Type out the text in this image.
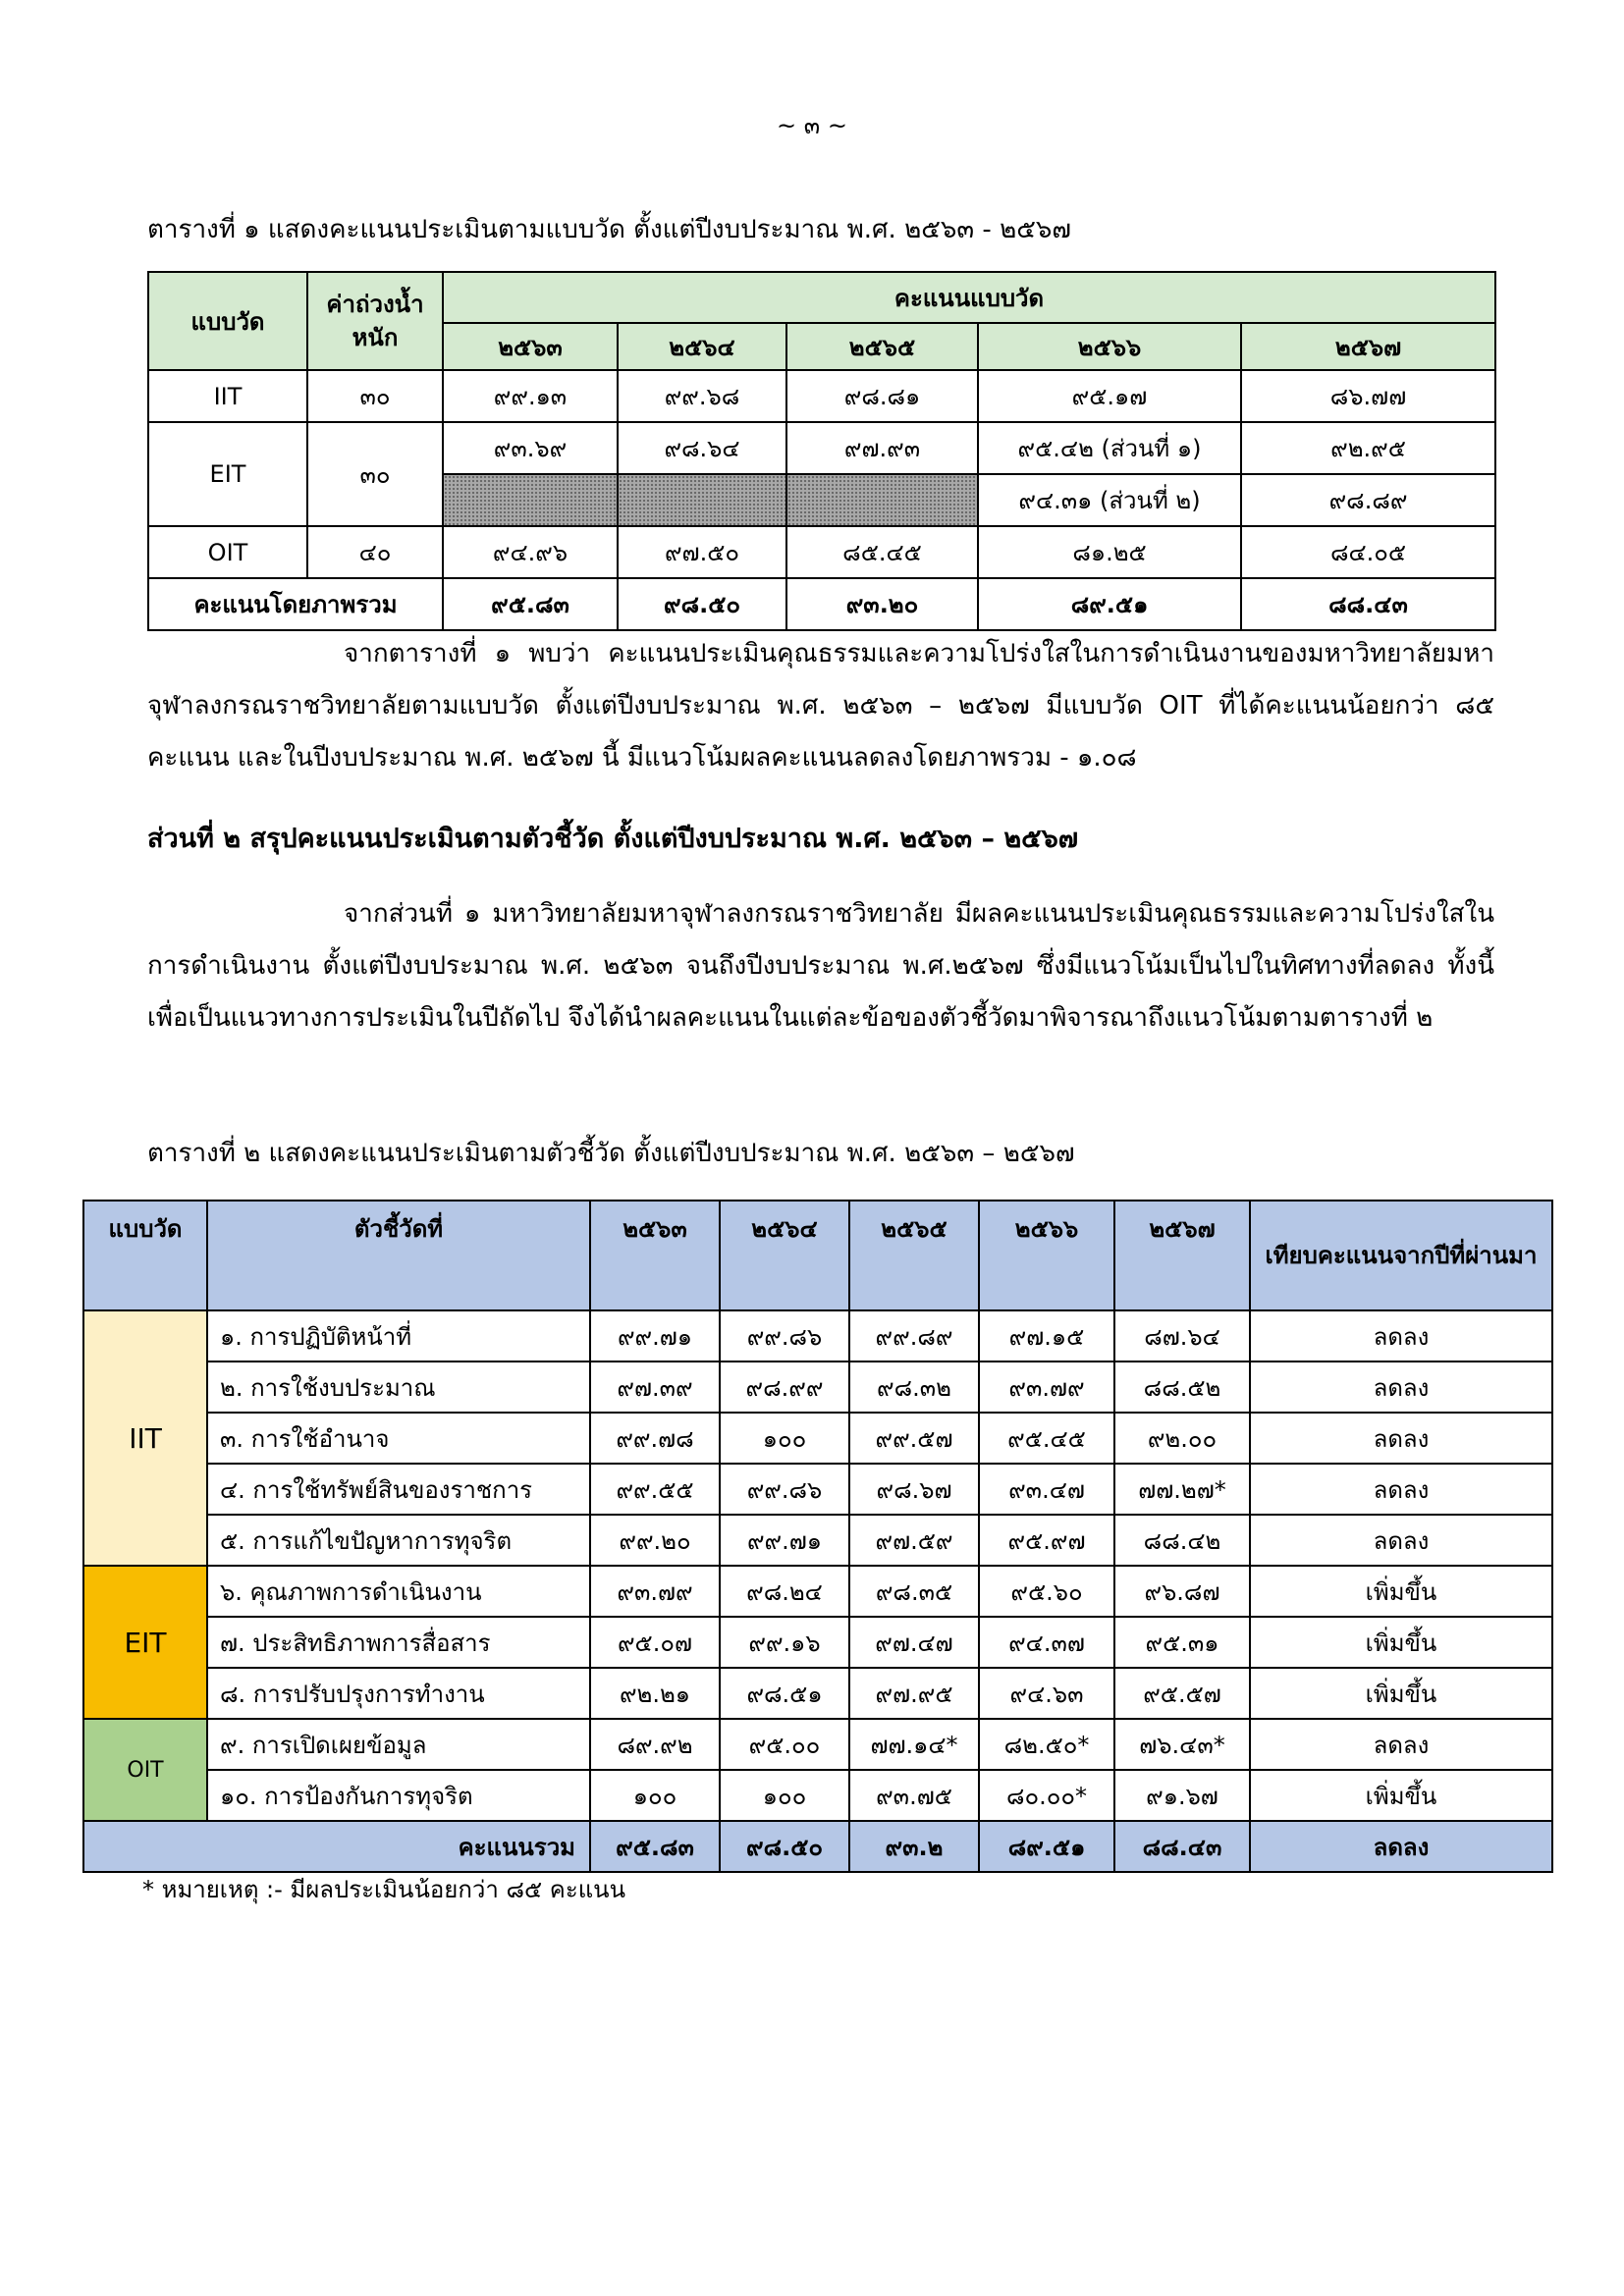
~ ๓ ~
ตารางที่ ๑ แสดงคะแนนประเมินตามแบบวัด ตั้งแต่ปีงบประมาณ พ.ศ. ๒๕๖๓ - ๒๕๖๗
แบบวัด	ค่าถ่วงน้ำหนัก	คะแนนแบบวัด				
		๒๕๖๓	๒๕๖๔	๒๕๖๕	๒๕๖๖	๒๕๖๗
IIT	๓๐	๙๙.๑๓	๙๙.๖๘	๙๘.๘๑	๙๕.๑๗	๘๖.๗๗
EIT	๓๐	๙๓.๖๙	๙๘.๖๔	๙๗.๙๓	๙๕.๔๒ (ส่วนที่ ๑)	๙๒.๙๕
					๙๔.๓๑ (ส่วนที่ ๒)	๙๘.๘๙
OIT	๔๐	๙๔.๙๖	๙๗.๕๐	๘๕.๔๕	๘๑.๒๕	๘๔.๐๕
คะแนนโดยภาพรวม		๙๕.๘๓	๙๘.๕๐	๙๓.๒๐	๘๙.๕๑	๘๘.๔๓
จากตารางที่ ๑ พบว่า คะแนนประเมินคุณธรรมและความโปร่งใสในการดำเนินงานของมหาวิทยาลัยมหาจุฬาลงกรณราชวิทยาลัยตามแบบวัด ตั้งแต่ปีงบประมาณ พ.ศ. ๒๕๖๓ – ๒๕๖๗ มีแบบวัด OIT ที่ได้คะแนนน้อยกว่า ๘๕ คะแนน และในปีงบประมาณ พ.ศ. ๒๕๖๗ นี้ มีแนวโน้มผลคะแนนลดลงโดยภาพรวม - ๑.๐๘
ส่วนที่ ๒ สรุปคะแนนประเมินตามตัวชี้วัด ตั้งแต่ปีงบประมาณ พ.ศ. ๒๕๖๓ – ๒๕๖๗
จากส่วนที่ ๑ มหาวิทยาลัยมหาจุฬาลงกรณราชวิทยาลัย มีผลคะแนนประเมินคุณธรรมและความโปร่งใสในการดำเนินงาน ตั้งแต่ปีงบประมาณ พ.ศ. ๒๕๖๓ จนถึงปีงบประมาณ พ.ศ.๒๕๖๗ ซึ่งมีแนวโน้มเป็นไปในทิศทางที่ลดลง ทั้งนี้ เพื่อเป็นแนวทางการประเมินในปีถัดไป จึงได้นำผลคะแนนในแต่ละข้อของตัวชี้วัดมาพิจารณาถึงแนวโน้มตามตารางที่ ๒
ตารางที่ ๒ แสดงคะแนนประเมินตามตัวชี้วัด ตั้งแต่ปีงบประมาณ พ.ศ. ๒๕๖๓ – ๒๕๖๗
แบบวัด	ตัวชี้วัดที่	๒๕๖๓	๒๕๖๔	๒๕๖๕	๒๕๖๖	๒๕๖๗	เทียบคะแนนจากปีที่ผ่านมา
IIT	๑. การปฏิบัติหน้าที่	๙๙.๗๑	๙๙.๘๖	๙๙.๘๙	๙๗.๑๕	๘๗.๖๔	ลดลง
	๒. การใช้งบประมาณ	๙๗.๓๙	๙๘.๙๙	๙๘.๓๒	๙๓.๗๙	๘๘.๕๒	ลดลง
	๓. การใช้อำนาจ	๙๙.๗๘	๑๐๐	๙๙.๕๗	๙๕.๔๕	๙๒.๐๐	ลดลง
	๔. การใช้ทรัพย์สินของราชการ	๙๙.๕๕	๙๙.๘๖	๙๘.๖๗	๙๓.๔๗	๗๗.๒๗*	ลดลง
	๕. การแก้ไขปัญหาการทุจริต	๙๙.๒๐	๙๙.๗๑	๙๗.๕๙	๙๕.๙๗	๘๘.๔๒	ลดลง
EIT	๖. คุณภาพการดำเนินงาน	๙๓.๗๙	๙๘.๒๔	๙๘.๓๕	๙๕.๖๐	๙๖.๘๗	เพิ่มขึ้น
	๗. ประสิทธิภาพการสื่อสาร	๙๕.๐๗	๙๙.๑๖	๙๗.๔๗	๙๔.๓๗	๙๕.๓๑	เพิ่มขึ้น
	๘. การปรับปรุงการทำงาน	๙๒.๒๑	๙๘.๕๑	๙๗.๙๕	๙๔.๖๓	๙๕.๕๗	เพิ่มขึ้น
OIT	๙. การเปิดเผยข้อมูล	๘๙.๙๒	๙๕.๐๐	๗๗.๑๔*	๘๒.๕๐*	๗๖.๔๓*	ลดลง
	๑๐. การป้องกันการทุจริต	๑๐๐	๑๐๐	๙๓.๗๕	๘๐.๐๐*	๙๑.๖๗	เพิ่มขึ้น
คะแนนรวม		๙๕.๘๓	๙๘.๕๐	๙๓.๒	๘๙.๕๑	๘๘.๔๓	ลดลง
* หมายเหตุ :- มีผลประเมินน้อยกว่า ๘๕ คะแนน
